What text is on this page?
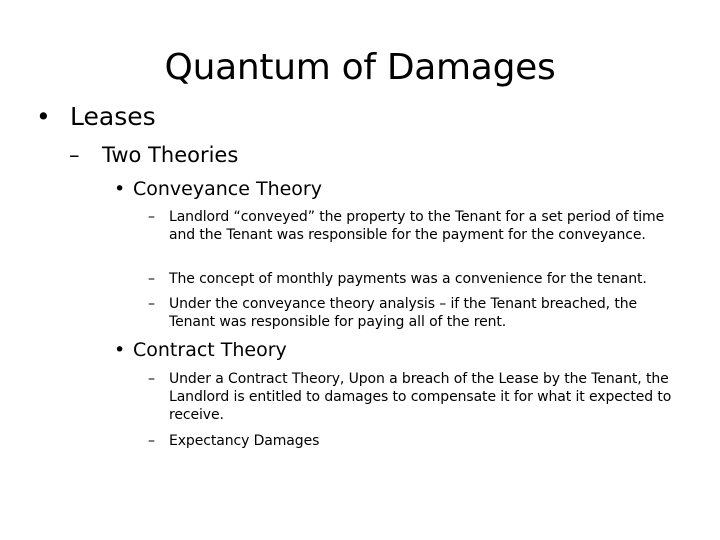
Quantum of Damages
• Leases
–	Two Theories
• Conveyance Theory
–	Landlord “conveyed” the property to the Tenant for a set period of time and the Tenant was responsible for the payment for the conveyance.
–	The concept of monthly payments was a convenience for the tenant.
–	Under the conveyance theory analysis – if the Tenant breached, the Tenant was responsible for paying all of the rent.
• Contract Theory
–	Under a Contract Theory, Upon a breach of the Lease by the Tenant, the Landlord is entitled to damages to compensate it for what it expected to receive.
–	Expectancy Damages
